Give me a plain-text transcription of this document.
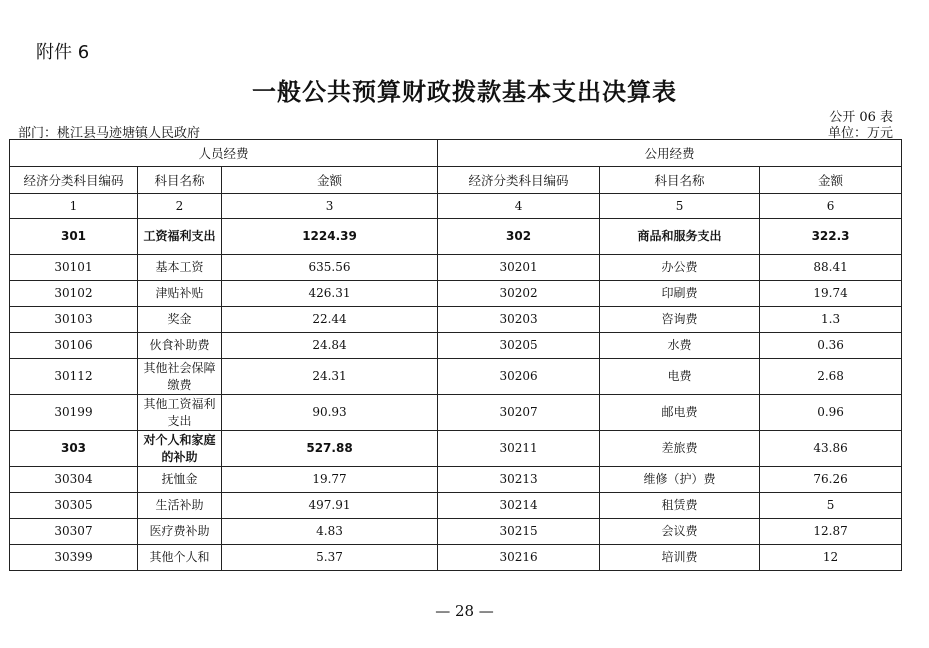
附件 6
一般公共预算财政拨款基本支出决算表
公开 06 表
部门：桃江县马迹塘镇人民政府	单位：万元
人员经费			公用经费		
经济分类科目编码	科目名称	金额	经济分类科目编码	科目名称	金额
1	2	3	4	5	6
301	工资福利支出	1224.39	302	商品和服务支出	322.3
30101	基本工资	635.56	30201	办公费	88.41
30102	津贴补贴	426.31	30202	印刷费	19.74
30103	奖金	22.44	30203	咨询费	1.3
30106	伙食补助费	24.84	30205	水费	0.36
30112	其他社会保障缴费	24.31	30206	电费	2.68
30199	其他工资福利支出	90.93	30207	邮电费	0.96
303	对个人和家庭的补助	527.88	30211	差旅费	43.86
30304	抚恤金	19.77	30213	维修（护）费	76.26
30305	生活补助	497.91	30214	租赁费	5
30307	医疗费补助	4.83	30215	会议费	12.87
30399	其他个人和	5.37	30216	培训费	12
— 28 —
